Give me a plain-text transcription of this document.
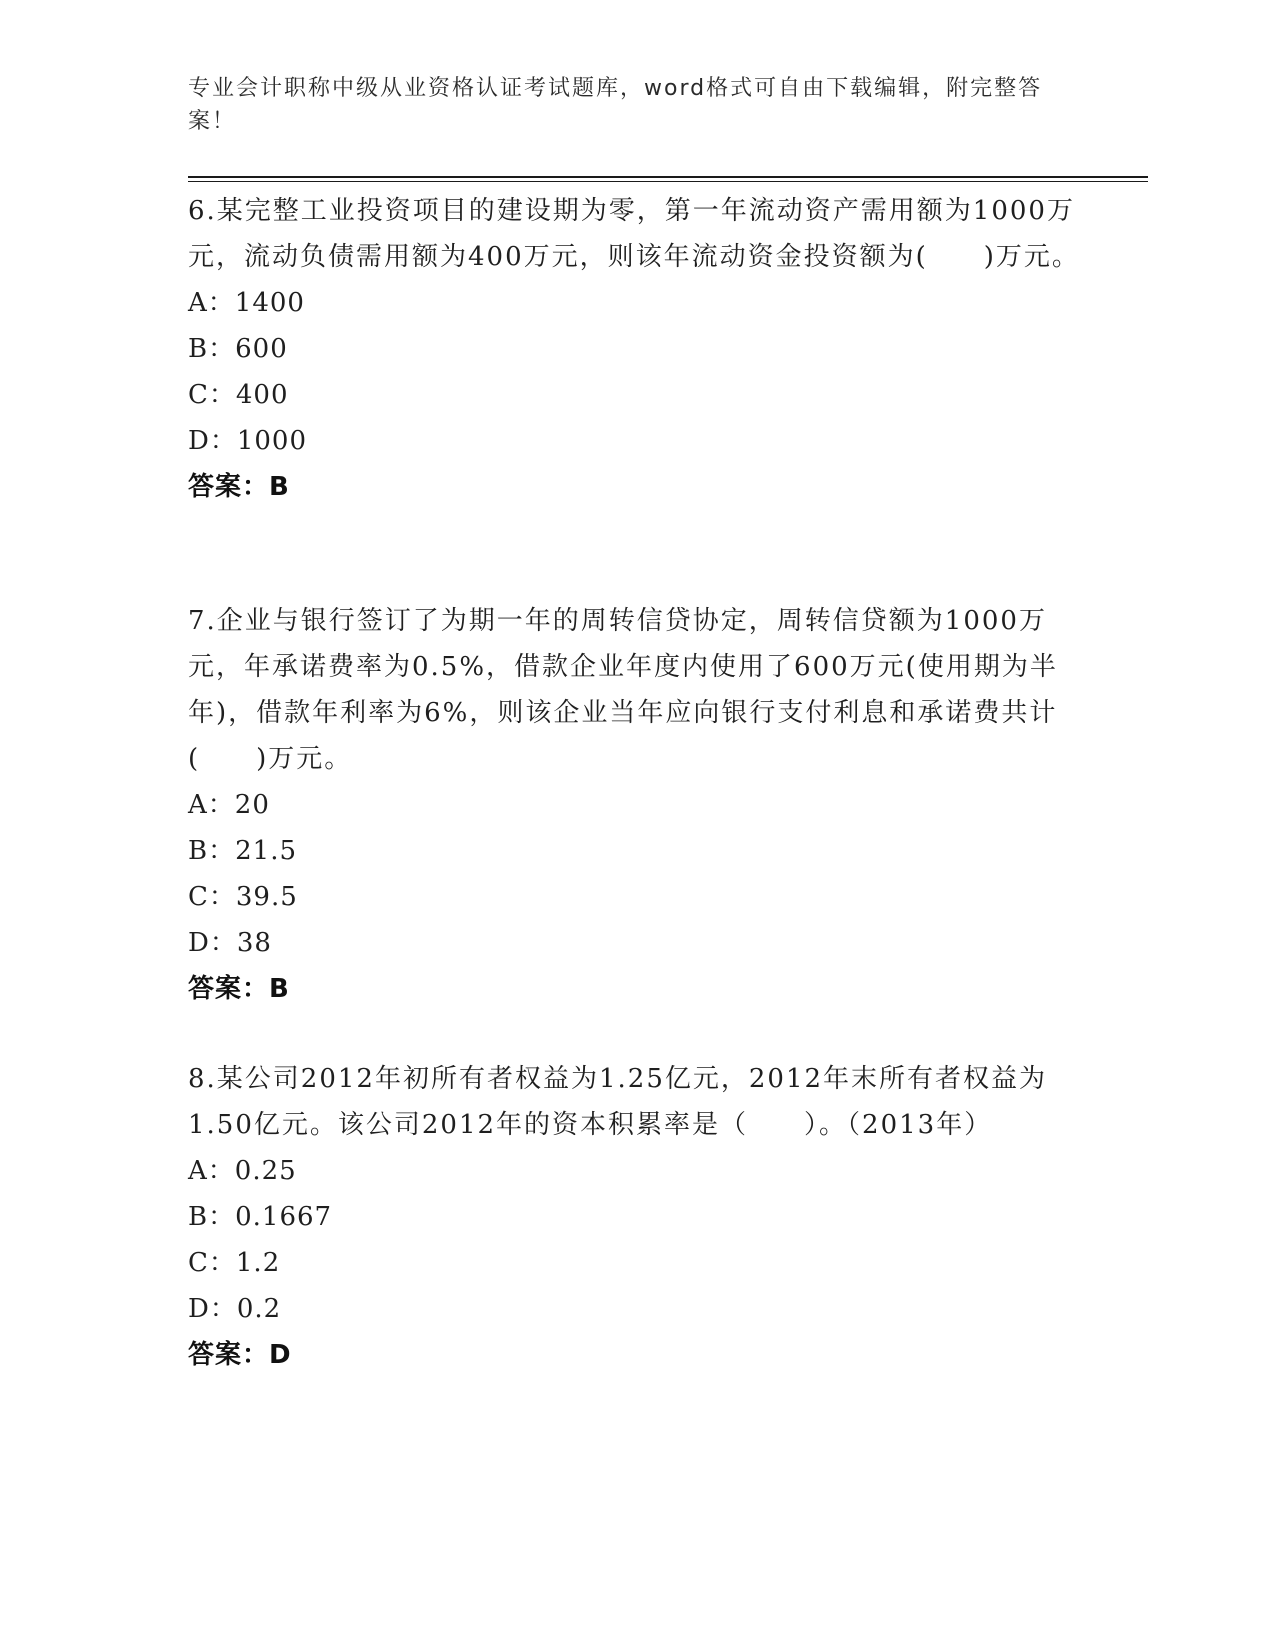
专业会计职称中级从业资格认证考试题库，word格式可自由下载编辑，附完整答案！
6.某完整工业投资项目的建设期为零，第一年流动资产需用额为1000万元，流动负债需用额为400万元，则该年流动资金投资额为(　　)万元。
A：1400
B：600
C：400
D：1000
答案：B
7.企业与银行签订了为期一年的周转信贷协定，周转信贷额为1000万元，年承诺费率为0.5%，借款企业年度内使用了600万元(使用期为半年)，借款年利率为6%，则该企业当年应向银行支付利息和承诺费共计(　　)万元。
A：20
B：21.5
C：39.5
D：38
答案：B
8.某公司2012年初所有者权益为1.25亿元，2012年末所有者权益为1.50亿元。该公司2012年的资本积累率是（　　）。（2013年）
A：0.25
B：0.1667
C：1.2
D：0.2
答案：D
